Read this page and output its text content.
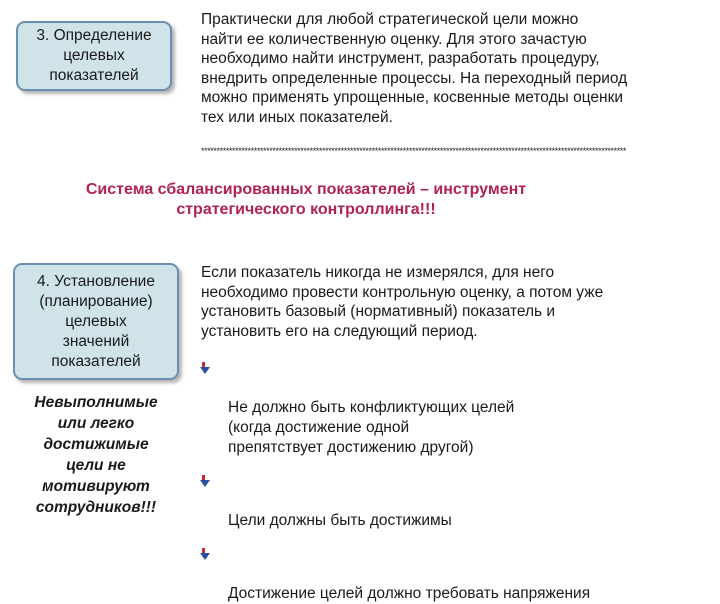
3. Определение
целевых
показателей
Практически для любой стратегической цели можно
найти ее количественную оценку. Для этого зачастую
необходимо найти инструмент, разработать процедуру,
внедрить определенные процессы. На переходный период
можно применять упрощенные, косвенные методы оценки
тех или иных показателей.
*****************************************************************************************************************************************
Система сбалансированных показателей – инструмент
стратегического контроллинга!!!
4. Установление
(планирование)
целевых
значений
показателей
Если показатель никогда не измерялся, для него
необходимо провести контрольную оценку, а потом уже
установить базовый (нормативный) показатель и
установить его на следующий период.
Невыполнимые
или легко
достижимые
цели не
мотивируют
сотрудников!!!

Не должно быть конфликтующих целей
(когда достижение одной
препятствует достижению другой)

Цели должны быть достижимы

Достижение целей должно требовать напряжения
